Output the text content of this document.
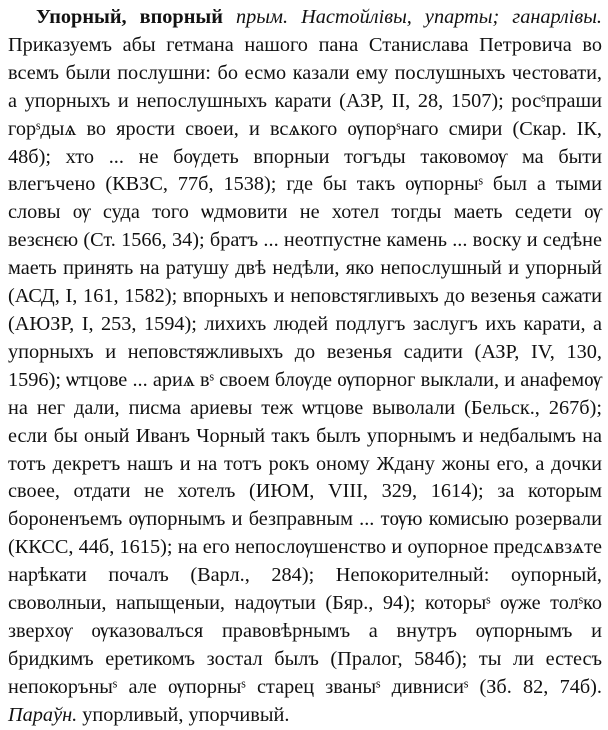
Упорный, впорный прым. Настойлівы, упарты; ганарлівы. Приказуемъ абы гетмана нашого пана Станислава Петровича во всемъ были послушни: бо есмо казали ему послушныхъ честовати, а упорныхъ и непослушныхъ карати (АЗР, II, 28, 1507); росˢпраши горˢдыѧ во ярости своеи, и всѧкого ѹпорˢнаго смири (Скар. IК, 48б); хто ... не бѹдеть впорныи тогъды таковомѹ ма быти влегъчено (КВЗС, 77б, 1538); где бы такъ ѹпорныˢ был а тыми словы ѹ суда того ѡдмовити не хотел тогды маеть седети ѹ везєнєю (Ст. 1566, 34); братъ ... неотпустне камень ... воску и седѣне маеть принять на ратушу двѣ недѣли, яко непослушный и упорный (АСД, I, 161, 1582); впорныхъ и неповстягливыхъ до везенья сажати (АЮЗР, I, 253, 1594); лихихъ людей подлугъ заслугъ ихъ карати, а упорныхъ и неповстяжливыхъ до везенья садити (АЗР, IV, 130, 1596); ѡтцове ... ариѧ вˢ своем блѹде ѹпорног выклали, и анафемѹ на нег дали, писма ариевы теж ѡтцове выволали (Бельск., 267б); если бы оный Иванъ Чорный такъ былъ упорнымъ и недбалымъ на тотъ декретъ нашъ и на тотъ рокъ оному Ждану жоны его, а дочки своее, отдати не хотелъ (ИЮМ, VIII, 329, 1614); за которым бороненъемъ ѹпорнымъ и безправным ... тѹю комисыю розервали (ККСС, 44б, 1615); на его непослѹшенство и оупорное предсѧвзѧте нарѣкати почалъ (Варл., 284); Непокорителный: оупорный, своволныи, напыщеныи, надѹтыи (Бяр., 94); которыˢ ѹже толˢко зверхѹ ѹказовалъся правовѣрнымъ а внутръ ѹпорнымъ и бридкимъ еретикомъ зостал былъ (Пралог, 584б); ты ли естесъ непокоръныˢ але ѹпорныˢ старец званыˢ дивнисиˢ (Зб. 82, 74б). Параўн. упорливый, упорчивый.
